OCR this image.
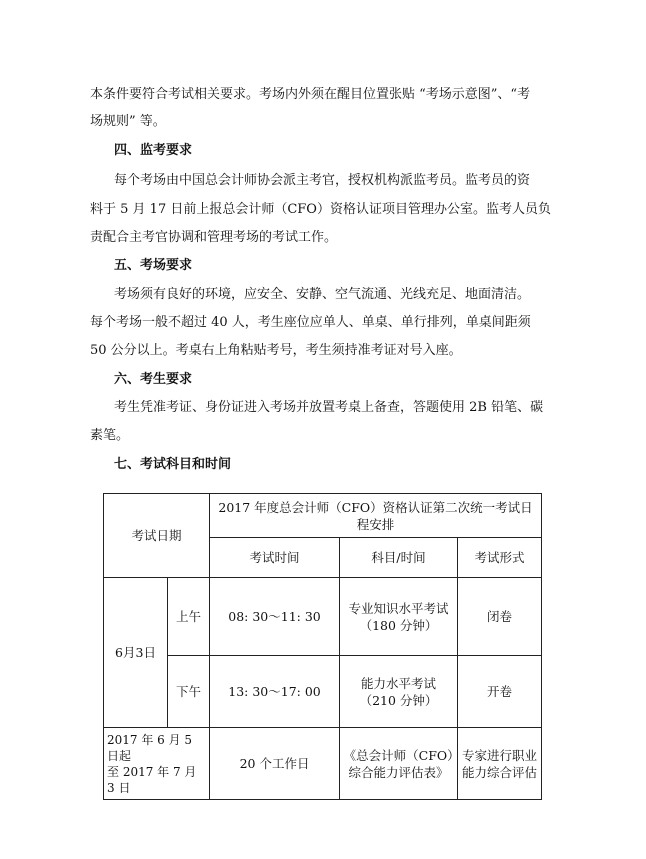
本条件要符合考试相关要求。考场内外须在醒目位置张贴 “考场示意图”、“考
场规则” 等。
四、监考要求
每个考场由中国总会计师协会派主考官，授权机构派监考员。监考员的资
料于 5 月 17 日前上报总会计师（CFO）资格认证项目管理办公室。监考人员负
责配合主考官协调和管理考场的考试工作。
五、考场要求
考场须有良好的环境，应安全、安静、空气流通、光线充足、地面清洁。
每个考场一般不超过 40 人，考生座位应单人、单桌、单行排列，单桌间距须
50 公分以上。考桌右上角粘贴考号，考生须持准考证对号入座。
六、考生要求
考生凭准考证、身份证进入考场并放置考桌上备查，答题使用 2B 铅笔、碳
素笔。
七、考试科目和时间
考试日期		2017 年度总会计师（CFO）资格认证第二次统一考试日程安排		
		考试时间	科目/时间	考试形式
6月3日	上午	08: 30～11: 30	专业知识水平考试
（180 分钟）	闭卷
	下午	13: 30～17: 00	能力水平考试
（210 分钟）	开卷
2017 年 6 月 5 日起
至 2017 年 7 月 3 日		20 个工作日	《总会计师（CFO）综合能力评估表》	专家进行职业能力综合评估
